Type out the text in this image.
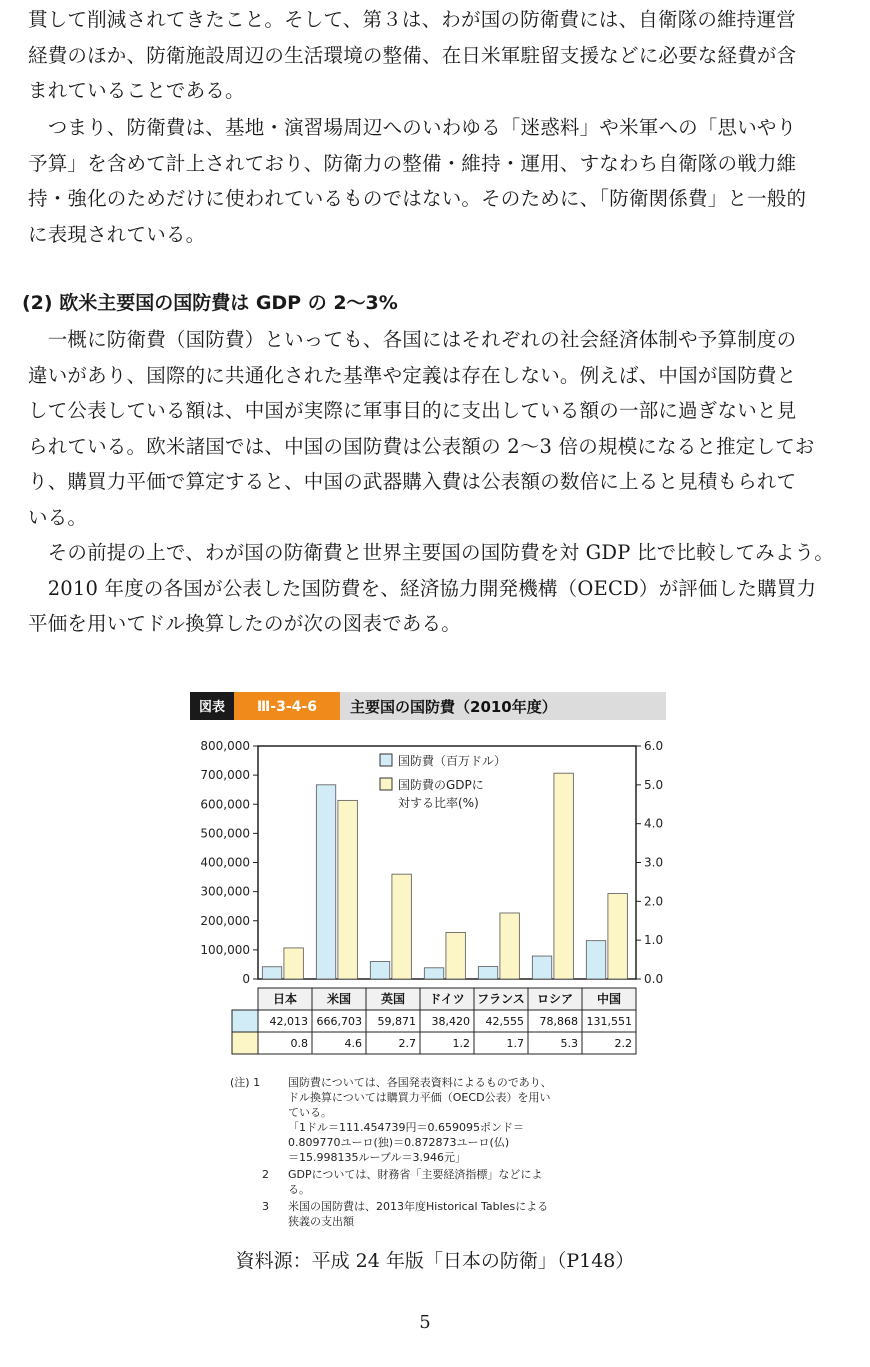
貫して削減されてきたこと。そして、第３は、わが国の防衛費には、自衛隊の維持運営
経費のほか、防衛施設周辺の生活環境の整備、在日米軍駐留支援などに必要な経費が含
まれていることである。
　つまり、防衛費は、基地・演習場周辺へのいわゆる「迷惑料」や米軍への「思いやり
予算」を含めて計上されており、防衛力の整備・維持・運用、すなわち自衛隊の戦力維
持・強化のためだけに使われているものではない。そのために、「防衛関係費」と一般的
に表現されている。
(2) 欧米主要国の国防費は GDP の 2〜3%
　一概に防衛費（国防費）といっても、各国にはそれぞれの社会経済体制や予算制度の
違いがあり、国際的に共通化された基準や定義は存在しない。例えば、中国が国防費と
して公表している額は、中国が実際に軍事目的に支出している額の一部に過ぎないと見
られている。欧米諸国では、中国の国防費は公表額の 2〜3 倍の規模になると推定してお
り、購買力平価で算定すると、中国の武器購入費は公表額の数倍に上ると見積もられて
いる。
　その前提の上で、わが国の防衛費と世界主要国の国防費を対 GDP 比で比較してみよう。
　2010 年度の各国が公表した国防費を、経済協力開発機構（OECD）が評価した購買力
平価を用いてドル換算したのが次の図表である。
図表 Ⅲ-3-4-6 主要国の国防費（2010年度）
0
100,000
200,000
300,000
400,000
500,000
600,000
700,000
800,000
0.0
1.0
2.0
3.0
4.0
5.0
6.0
国防費（百万ドル）
国防費のGDPに
対する比率(%)
日本
42,013
0.8
米国
666,703
4.6
英国
59,871
2.7
ドイツ
38,420
1.2
フランス
42,555
1.7
ロシア
78,868
5.3
中国
131,551
2.2
(注) 1	国防費については、各国発表資料によるものであり、
ドル換算については購買力平価（OECD公表）を用い
ている。
「1ドル＝111.454739円＝0.659095ポンド＝
0.809770ユーロ(独)＝0.872873ユーロ(仏)
＝15.998135ルーブル＝3.946元」
2 GDPについては、財務省「主要経済指標」などによ
る。
3 米国の国防費は、2013年度Historical Tablesによる
狭義の支出額
資料源：平成 24 年版「日本の防衛」（P148）
5
